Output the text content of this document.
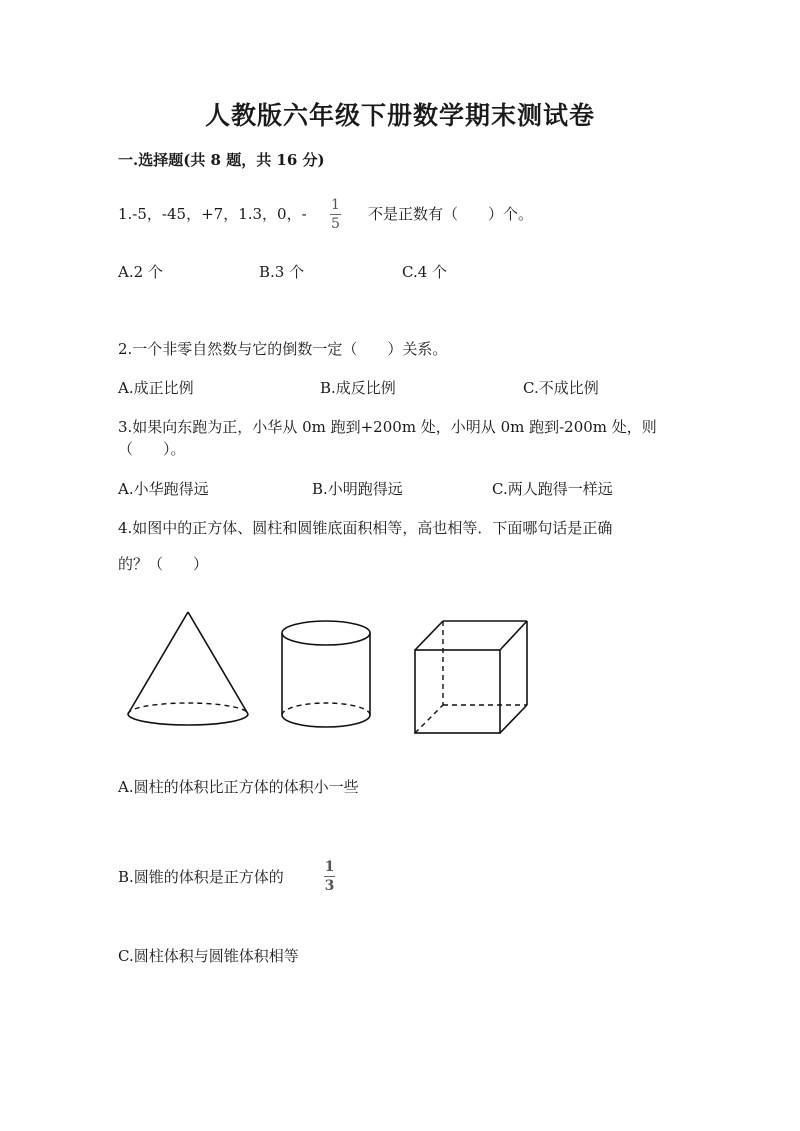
人教版六年级下册数学期末测试卷
一.选择题(共 8 题，共 16 分)
1.-5，-45，+7，1.3，0，- 1
5
不是正数有（　　）个。
A.2 个	B.3 个	C.4 个
2.一个非零自然数与它的倒数一定（　　）关系。
A.成正比例	B.成反比例	C.不成比例
3.如果向东跑为正，小华从 0m 跑到+200m 处，小明从 0m 跑到-200m 处，则
（　　）。
A.小华跑得远	B.小明跑得远	C.两人跑得一样远
4.如图中的正方体、圆柱和圆锥底面积相等，高也相等．下面哪句话是正确
的？（　　）
A.圆柱的体积比正方体的体积小一些
B.圆锥的体积是正方体的
1
3
C.圆柱体积与圆锥体积相等
